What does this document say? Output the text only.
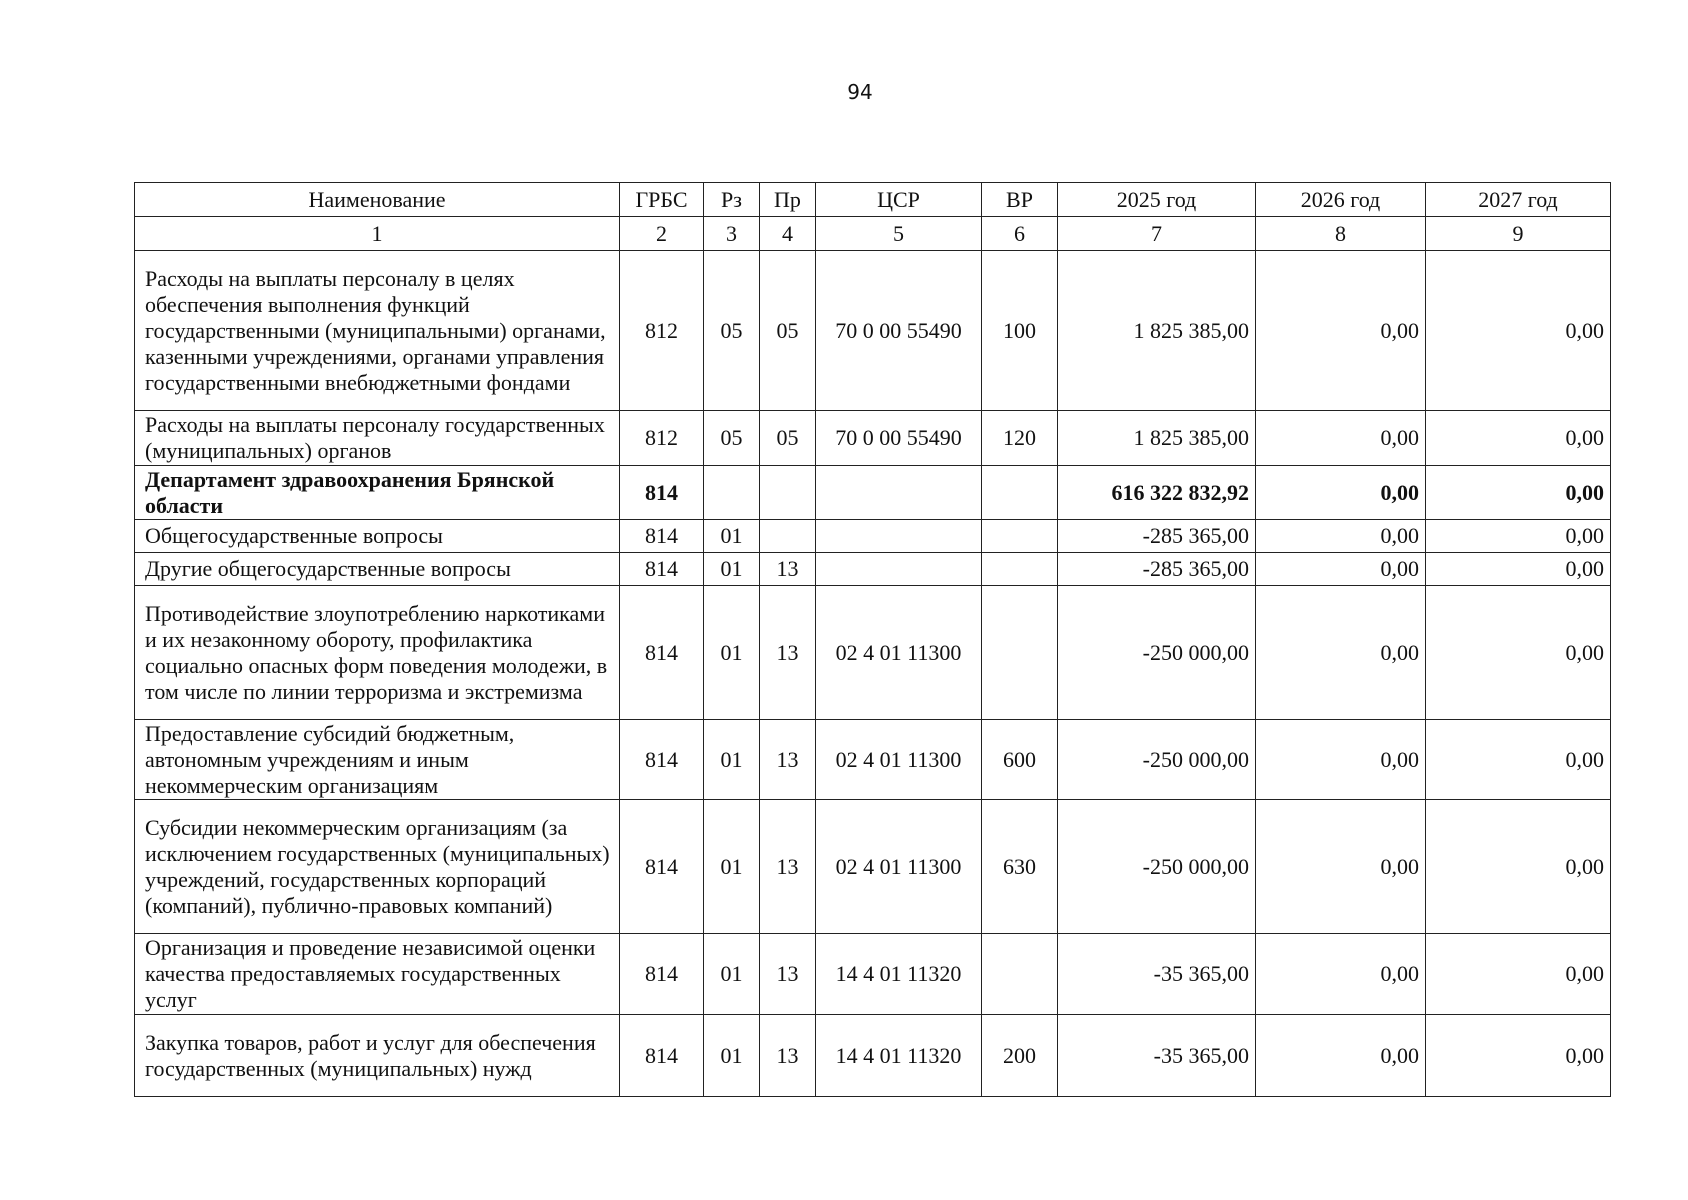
94
Наименование	ГРБС	Рз	Пр	ЦСР	ВР	2025 год	2026 год	2027 год
1	2	3	4	5	6	7	8	9
Расходы на выплаты персоналу в целях обеспечения выполнения функций государственными (муниципальными) органами, казенными учреждениями, органами управления государственными внебюджетными фондами	812	05	05	70 0 00 55490	100	1 825 385,00	0,00	0,00
Расходы на выплаты персоналу государственных (муниципальных) органов	812	05	05	70 0 00 55490	120	1 825 385,00	0,00	0,00
Департамент здравоохранения Брянской области	814					616 322 832,92	0,00	0,00
Общегосударственные вопросы	814	01				-285 365,00	0,00	0,00
Другие общегосударственные вопросы	814	01	13			-285 365,00	0,00	0,00
Противодействие злоупотреблению наркотиками и их незаконному обороту, профилактика социально опасных форм поведения молодежи, в том числе по линии терроризма и экстремизма	814	01	13	02 4 01 11300		-250 000,00	0,00	0,00
Предоставление субсидий бюджетным, автономным учреждениям и иным некоммерческим организациям	814	01	13	02 4 01 11300	600	-250 000,00	0,00	0,00
Субсидии некоммерческим организациям (за исключением государственных (муниципальных) учреждений, государственных корпораций (компаний), публично-правовых компаний)	814	01	13	02 4 01 11300	630	-250 000,00	0,00	0,00
Организация и проведение независимой оценки качества предоставляемых государственных услуг	814	01	13	14 4 01 11320		-35 365,00	0,00	0,00
Закупка товаров, работ и услуг для обеспечения государственных (муниципальных) нужд	814	01	13	14 4 01 11320	200	-35 365,00	0,00	0,00
